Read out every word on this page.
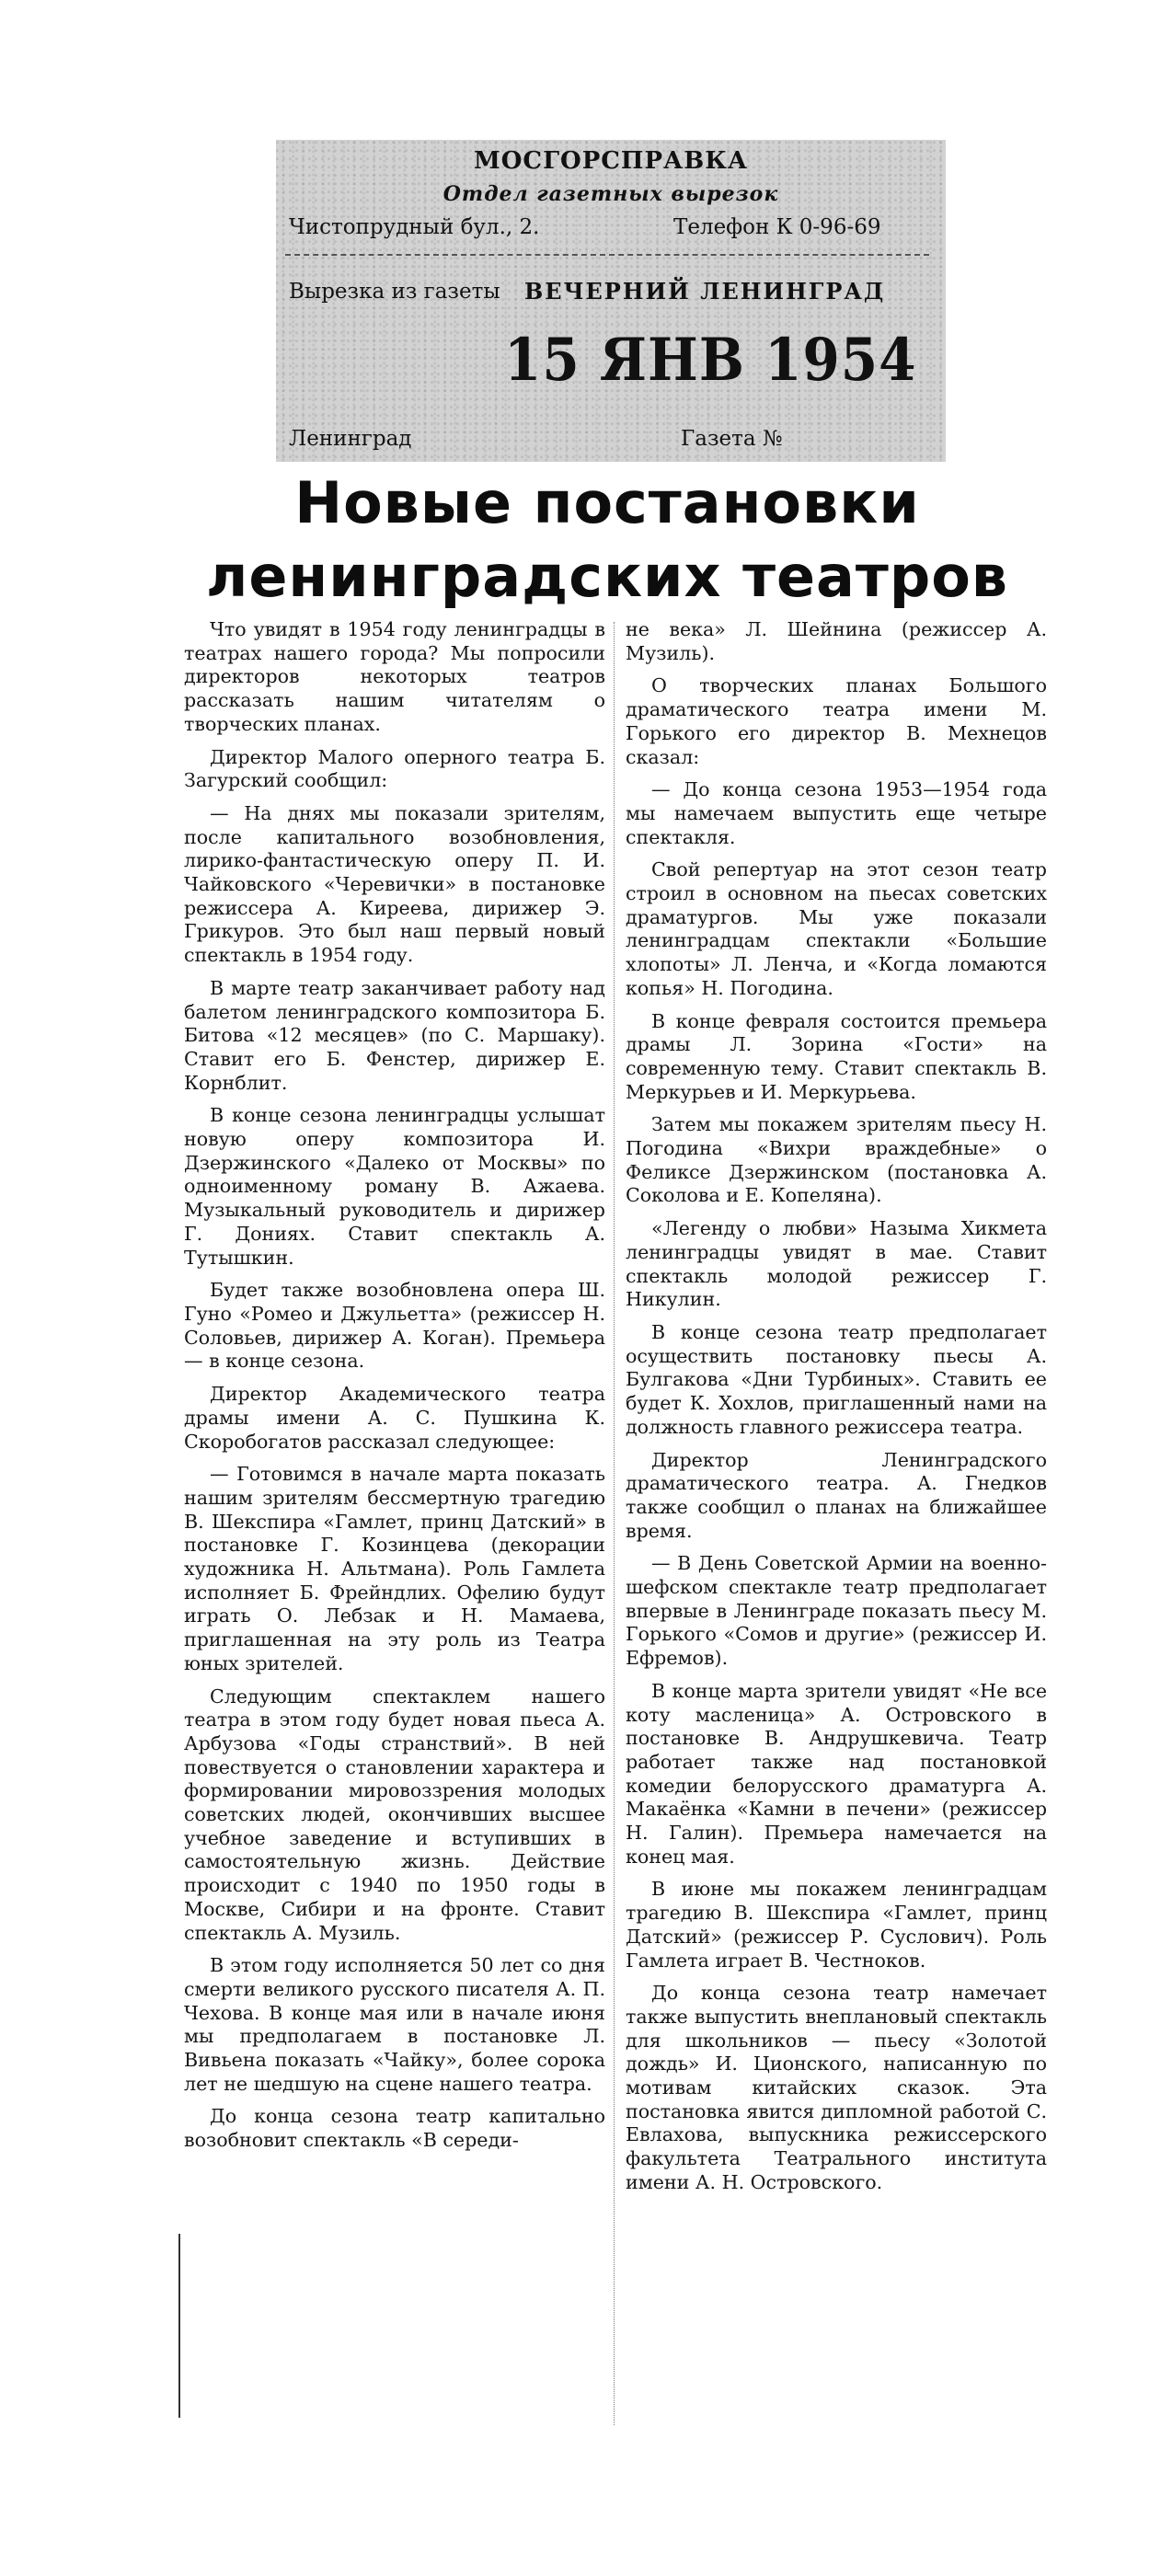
МОСГОРСПРАВКА
Отдел газетных вырезок
Чистопрудный бул., 2.	Телефон К 0-96-69
Вырезка из газеты ВЕЧЕРНИЙ ЛЕНИНГРАД
15 ЯНВ 1954
Ленинград	Газета №
Новые постановки
ленинградских театров

Что увидят в 1954 году ленинградцы в театрах нашего города? Мы попросили директоров некоторых театров рассказать нашим читателям о творческих планах.

Директор Малого оперного театра Б. Загурский сообщил:

— На днях мы показали зрителям, после капитального возобновления, лирико-фантастическую оперу П. И. Чайковского «Черевички» в постановке режиссера А. Киреева, дирижер Э. Грикуров. Это был наш первый новый спектакль в 1954 году.

В марте театр заканчивает работу над балетом ленинградского композитора Б. Битова «12 месяцев» (по С. Маршаку). Ставит его Б. Фенстер, дирижер Е. Корнблит.

В конце сезона ленинградцы услышат новую оперу композитора И. Дзержинского «Далеко от Москвы» по одноименному роману В. Ажаева. Музыкальный руководитель и дирижер Г. Донияx. Ставит спектакль А. Тутышкин.

Будет также возобновлена опера Ш. Гуно «Ромео и Джульетта» (режиссер Н. Соловьев, дирижер А. Коган). Премьера — в конце сезона.

Директор Академического театра драмы имени А. С. Пушкина К. Скоробогатов рассказал следующее:

— Готовимся в начале марта показать нашим зрителям бессмертную трагедию В. Шекспира «Гамлет, принц Датский» в постановке Г. Козинцева (декорации художника Н. Альтмана). Роль Гамлета исполняет Б. Фрейндлих. Офелию будут играть О. Лебзак и Н. Мамаева, приглашенная на эту роль из Театра юных зрителей.

Следующим спектаклем нашего театра в этом году будет новая пьеса А. Арбузова «Годы странствий». В ней повествуется о становлении характера и формировании мировоззрения молодых советских людей, окончивших высшее учебное заведение и вступивших в самостоятельную жизнь. Действие происходит с 1940 по 1950 годы в Москве, Сибири и на фронте. Ставит спектакль А. Музиль.

В этом году исполняется 50 лет со дня смерти великого русского писателя А. П. Чехова. В конце мая или в начале июня мы предполагаем в постановке Л. Вивьена показать «Чайку», более сорока лет не шедшую на сцене нашего театра.

До конца сезона театр капитально возобновит спектакль «В середи-

не века» Л. Шейнина (режиссер А. Музиль).

О творческих планах Большого драматического театра имени М. Горького его директор В. Мехнецов сказал:

— До конца сезона 1953—1954 года мы намечаем выпустить еще четыре спектакля.

Свой репертуар на этот сезон театр строил в основном на пьесах советских драматургов. Мы уже показали ленинградцам спектакли «Большие хлопоты» Л. Ленча, и «Когда ломаются копья» Н. Погодина.

В конце февраля состоится премьера драмы Л. Зорина «Гости» на современную тему. Ставит спектакль В. Меркурьев и И. Меркурьева.

Затем мы покажем зрителям пьесу Н. Погодина «Вихри враждебные» о Феликсе Дзержинском (постановка А. Соколова и Е. Копелянa).

«Легенду о любви» Назыма Хикмета ленинградцы увидят в мае. Ставит спектакль молодой режиссер Г. Никулин.

В конце сезона театр предполагает осуществить постановку пьесы А. Булгакова «Дни Турбиных». Ставить ее будет К. Хохлов, приглашенный нами на должность главного режиссера театра.

Директор Ленинградского драматического театра. А. Гнедков также сообщил о планах на ближайшее время.

— В День Советской Армии на военно-шефском спектакле театр предполагает впервые в Ленинграде показать пьесу М. Горького «Сомов и другие» (режиссер И. Ефремов).

В конце марта зрители увидят «Не все коту масленица» А. Островского в постановке В. Андрушкевича. Театр работает также над постановкой комедии белорусского драматурга А. Макаёнка «Камни в печени» (режиссер Н. Галин). Премьера намечается на конец мая.

В июне мы покажем ленинградцам трагедию В. Шекспира «Гамлет, принц Датский» (режиссер Р. Суслович). Роль Гамлета играет В. Честноков.

До конца сезона театр намечает также выпустить внеплановый спектакль для школьников — пьесу «Золотой дождь» И. Ционского, написанную по мотивам китайских сказок. Эта постановка явится дипломной работой С. Евлахова, выпускника режиссерского факультета Театрального института имени А. Н. Островского.
